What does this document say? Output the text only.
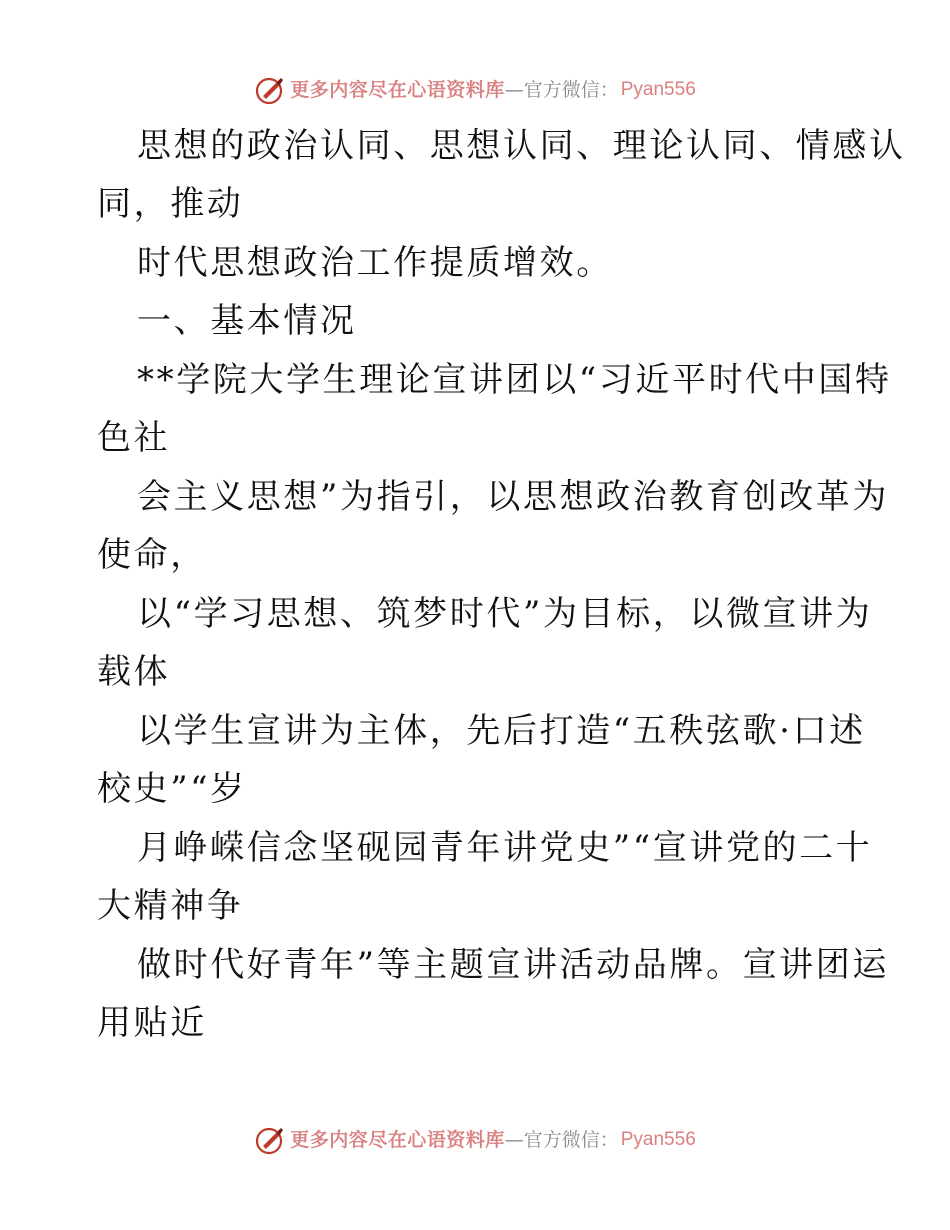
更多内容尽在心语资料库 — 官方微信： Pyan556
思想的政治认同、思想认同、理论认同、情感认
同，推动
时代思想政治工作提质增效。
一、基本情况
**学院大学生理论宣讲团以“习近平时代中国特
色社
会主义思想”为指引，以思想政治教育创改革为
使命，
以“学习思想、筑梦时代”为目标，以微宣讲为
载体
以学生宣讲为主体，先后打造“五秩弦歌·口述
校史”“岁
月峥嵘信念坚砚园青年讲党史”“宣讲党的二十
大精神争
做时代好青年”等主题宣讲活动品牌。宣讲团运
用贴近
更多内容尽在心语资料库 — 官方微信： Pyan556
